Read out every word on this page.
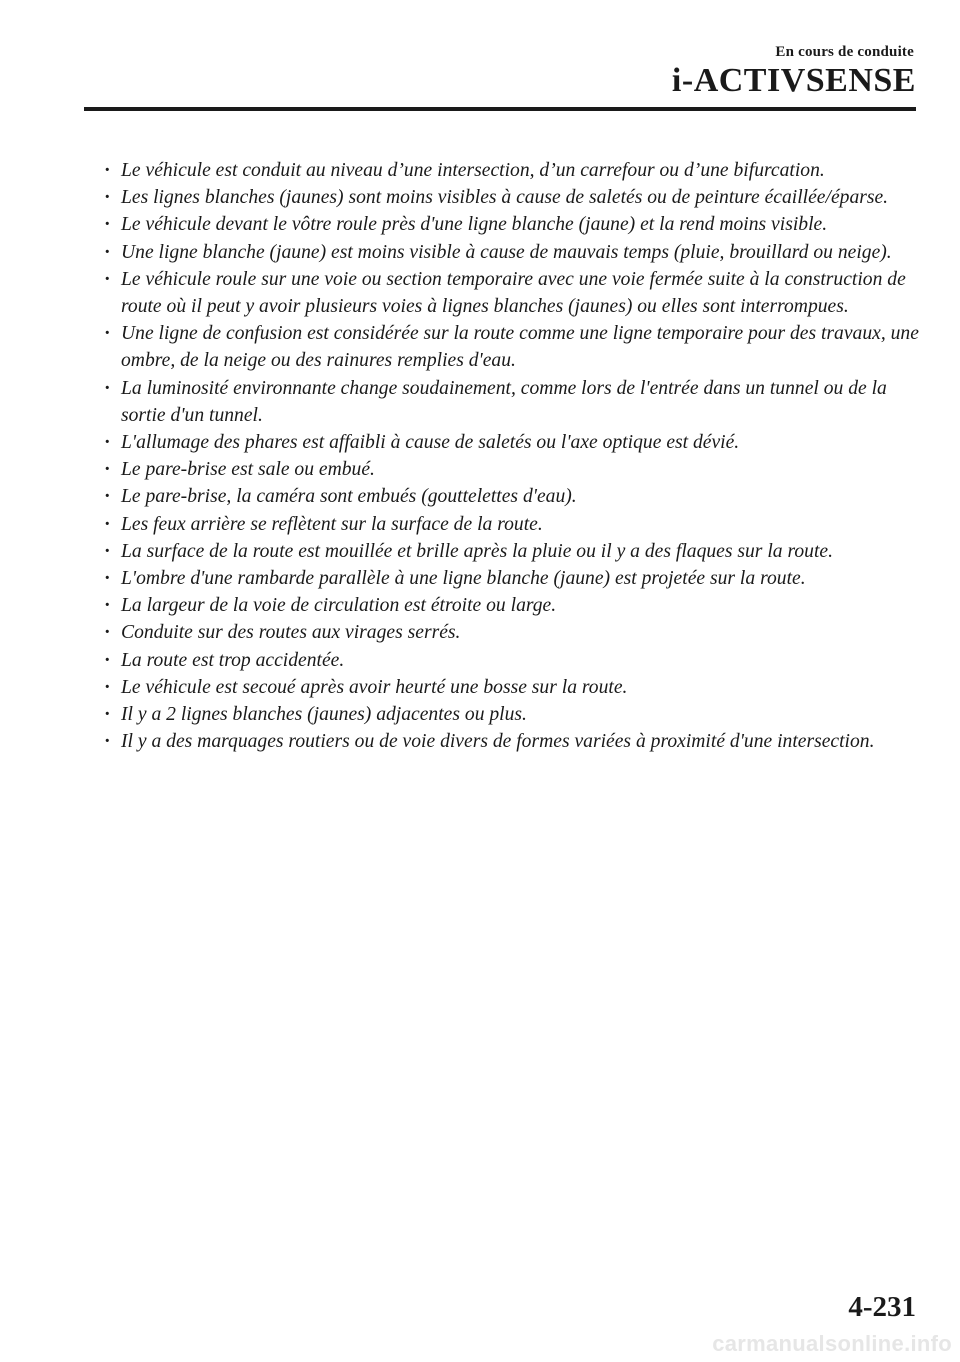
En cours de conduite
i-ACTIVSENSE
· Le véhicule est conduit au niveau d’une intersection, d’un carrefour ou d’une bifurcation.
· Les lignes blanches (jaunes) sont moins visibles à cause de saletés ou de peinture écaillée/éparse.
· Le véhicule devant le vôtre roule près d'une ligne blanche (jaune) et la rend moins visible.
· Une ligne blanche (jaune) est moins visible à cause de mauvais temps (pluie, brouillard ou neige).
· Le véhicule roule sur une voie ou section temporaire avec une voie fermée suite à la construction de route où il peut y avoir plusieurs voies à lignes blanches (jaunes) ou elles sont interrompues.
· Une ligne de confusion est considérée sur la route comme une ligne temporaire pour des travaux, une ombre, de la neige ou des rainures remplies d'eau.
· La luminosité environnante change soudainement, comme lors de l'entrée dans un tunnel ou de la sortie d'un tunnel.
· L'allumage des phares est affaibli à cause de saletés ou l'axe optique est dévié.
· Le pare-brise est sale ou embué.
· Le pare-brise, la caméra sont embués (gouttelettes d'eau).
· Les feux arrière se reflètent sur la surface de la route.
· La surface de la route est mouillée et brille après la pluie ou il y a des flaques sur la route.
· L'ombre d'une rambarde parallèle à une ligne blanche (jaune) est projetée sur la route.
· La largeur de la voie de circulation est étroite ou large.
· Conduite sur des routes aux virages serrés.
· La route est trop accidentée.
· Le véhicule est secoué après avoir heurté une bosse sur la route.
· Il y a 2 lignes blanches (jaunes) adjacentes ou plus.
· Il y a des marquages routiers ou de voie divers de formes variées à proximité d'une intersection.
4-231
carmanualsonline.info
